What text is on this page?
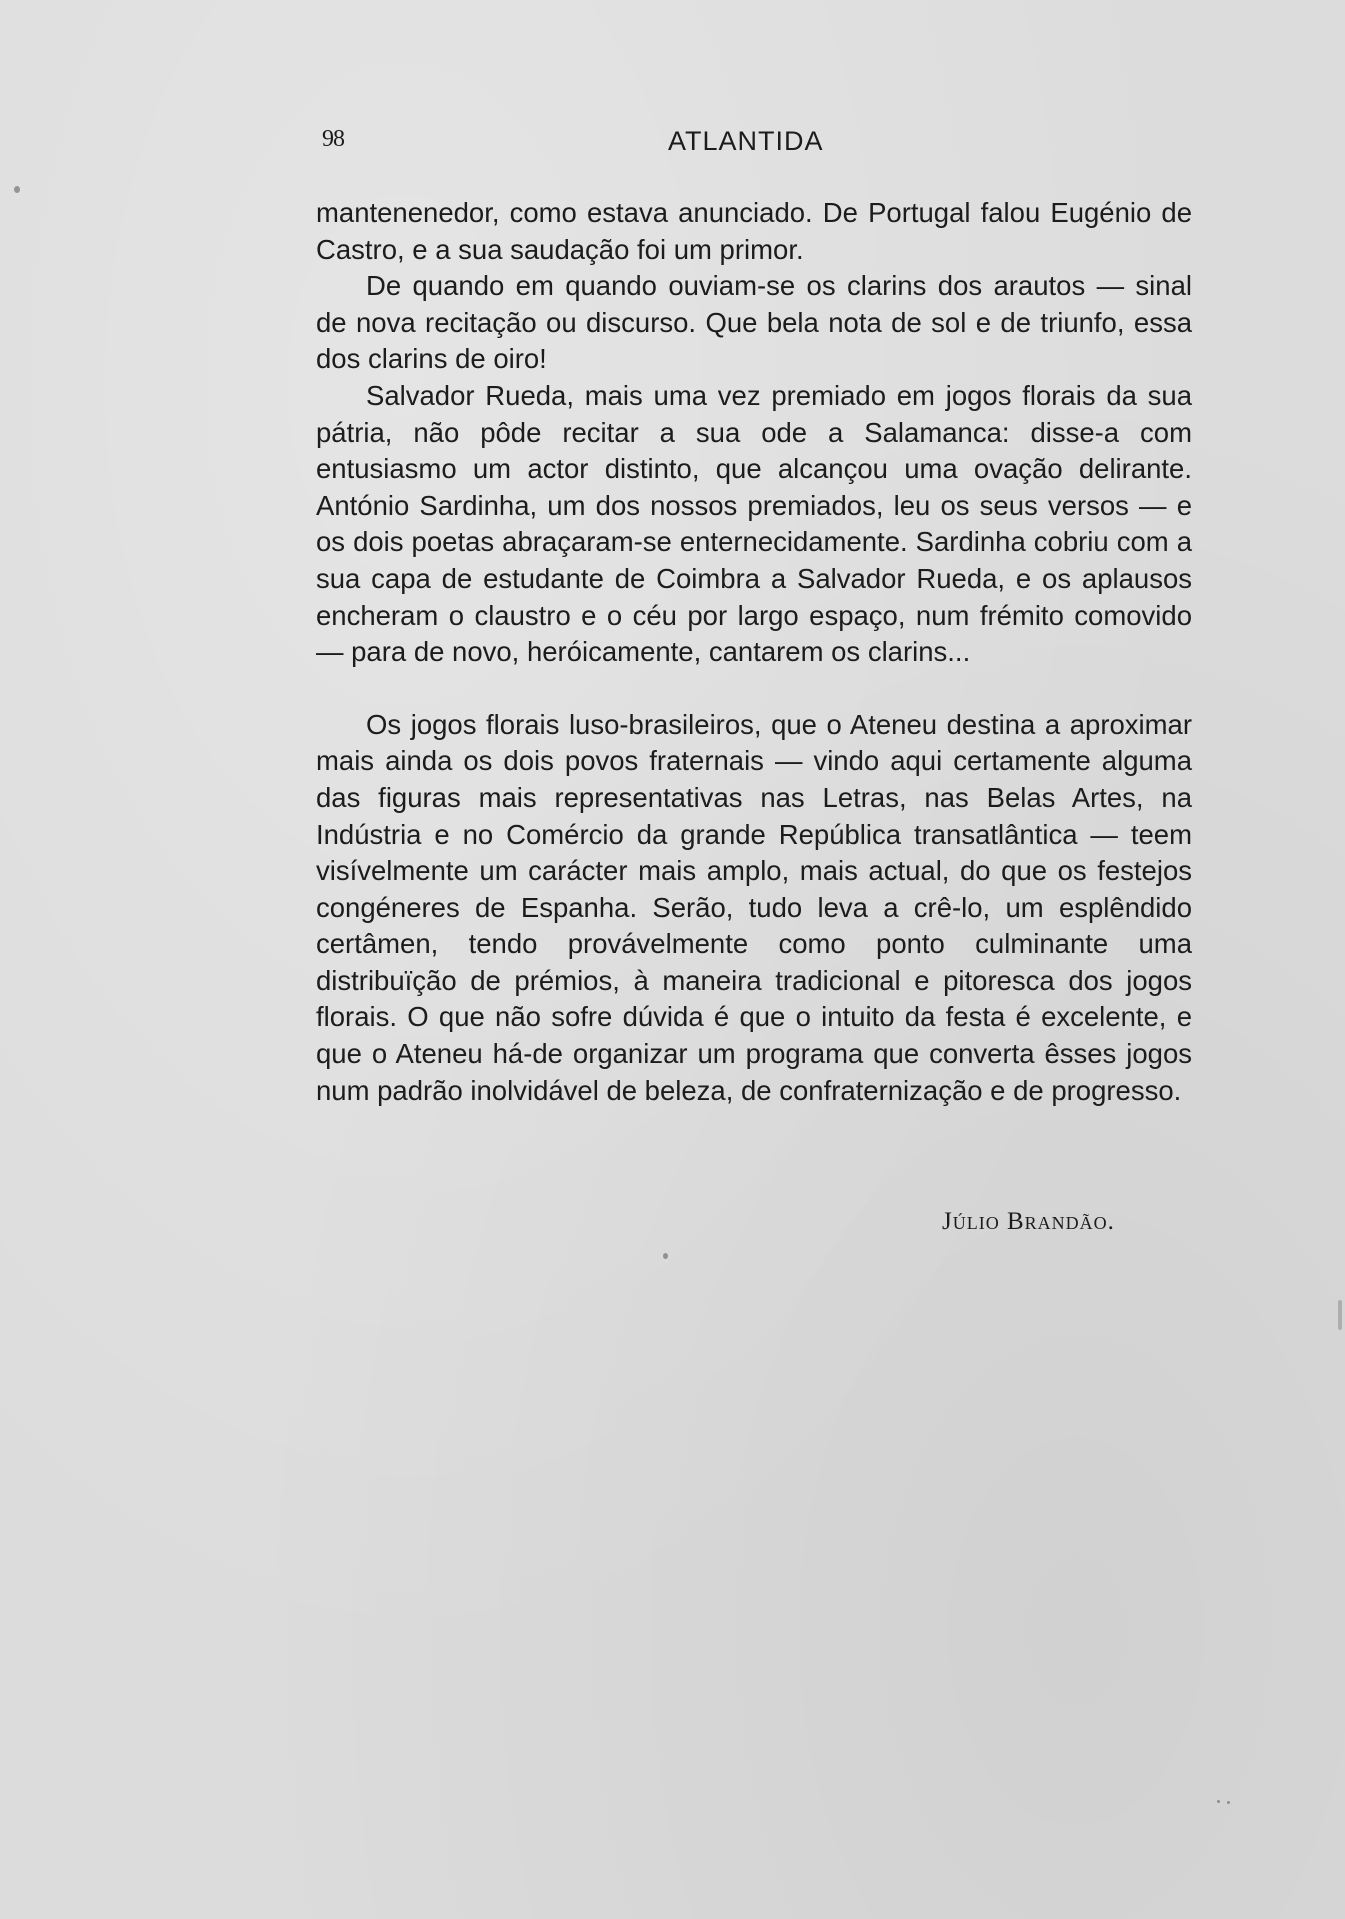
98	ATLANTIDA

mantenenedor, como estava anunciado. De Portugal falou Eugénio de Castro, e a sua saudação foi um primor.

De quando em quando ouviam-se os clarins dos arautos — sinal de nova recitação ou discurso. Que bela nota de sol e de triunfo, essa dos clarins de oiro!

Salvador Rueda, mais uma vez premiado em jogos florais da sua pátria, não pôde recitar a sua ode a Salamanca: disse-a com entusiasmo um actor distinto, que alcançou uma ovação delirante. António Sardinha, um dos nossos premiados, leu os seus versos — e os dois poetas abraçaram-se enternecidamente. Sardinha cobriu com a sua capa de estudante de Coimbra a Salvador Rueda, e os aplausos encheram o claustro e o céu por largo espaço, num frémito comovido — para de novo, heróicamente, cantarem os clarins...

Os jogos florais luso-brasileiros, que o Ateneu destina a aproximar mais ainda os dois povos fraternais — vindo aqui certamente alguma das figuras mais representativas nas Letras, nas Belas Artes, na Indústria e no Comércio da grande República transatlântica — teem visívelmente um carácter mais amplo, mais actual, do que os festejos congéneres de Espanha. Serão, tudo leva a crê-lo, um esplêndido certâmen, tendo provávelmente como ponto culminante uma distribuïção de prémios, à maneira tradicional e pitoresca dos jogos florais. O que não sofre dúvida é que o intuito da festa é excelente, e que o Ateneu há-de organizar um programa que converta êsses jogos num padrão inolvidável de beleza, de confraternização e de progresso.

Júlio Brandão.
